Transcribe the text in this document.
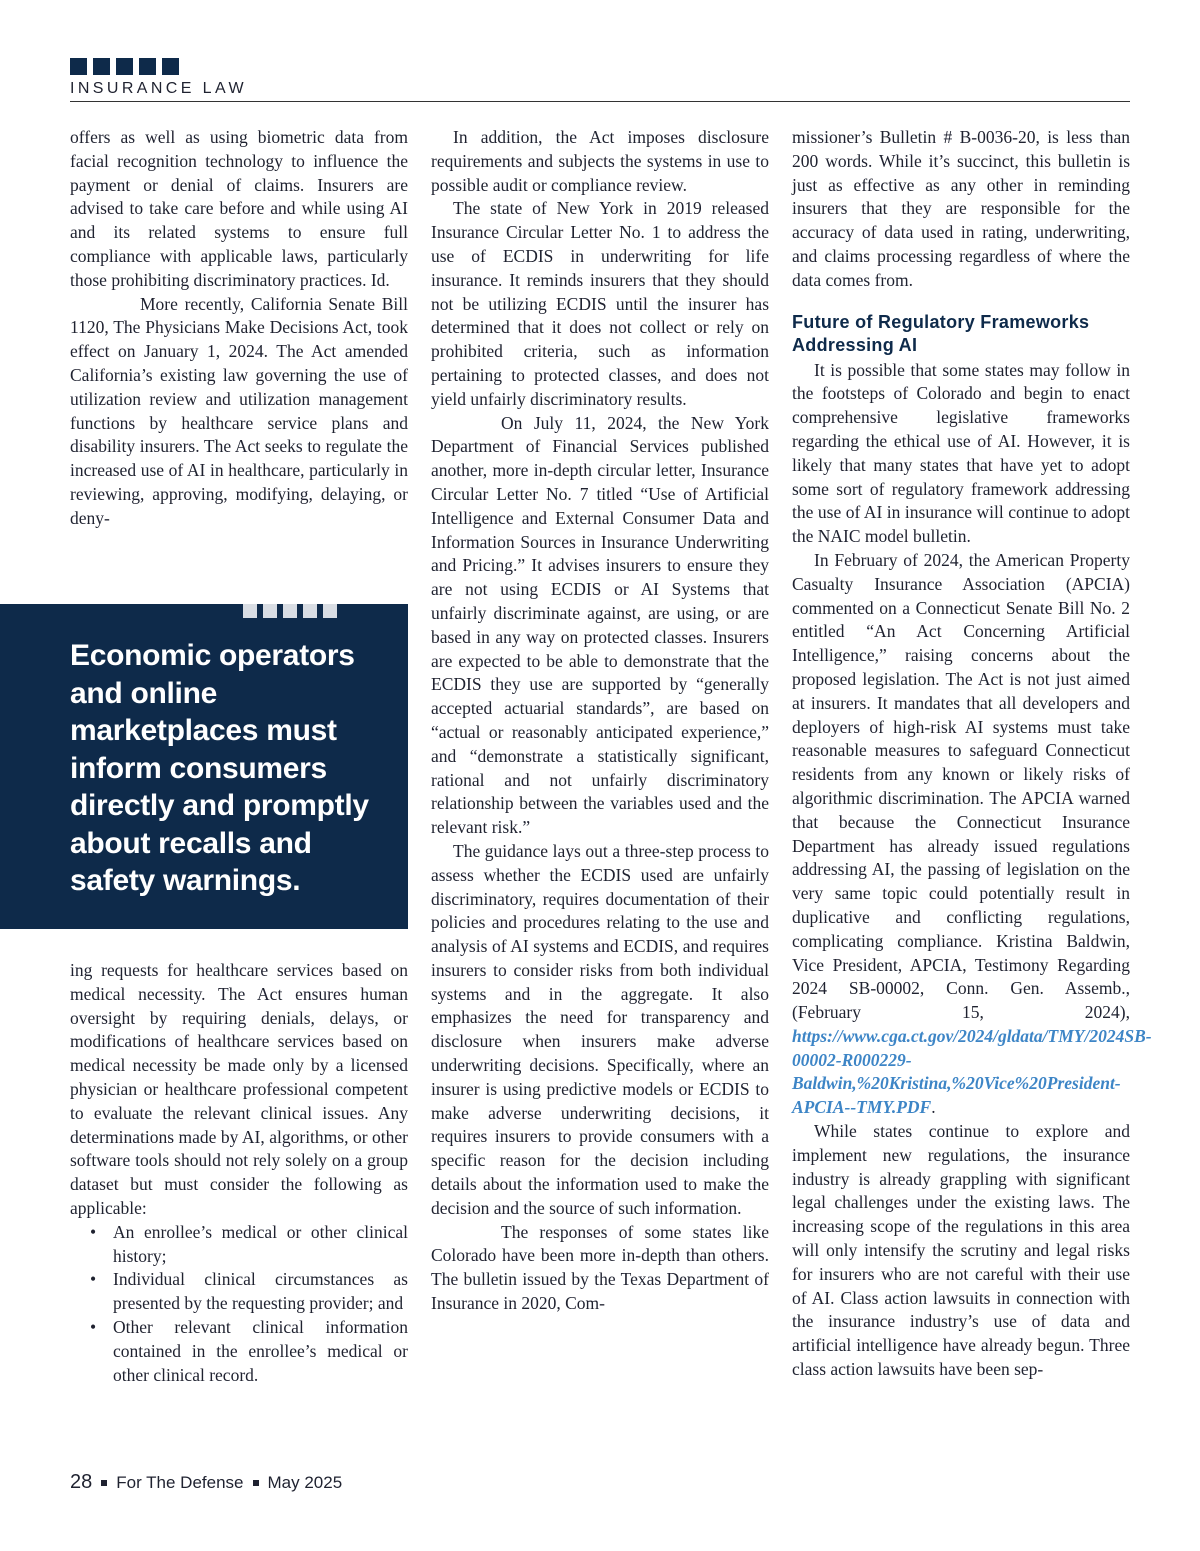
INSURANCE LAW

offers as well as using biometric data from facial recognition technology to influence the payment or denial of claims. Insurers are advised to take care before and while using AI and its related systems to ensure full compliance with applicable laws, particularly those prohibiting discriminatory practices. Id.

More recently, California Senate Bill 1120, The Physicians Make Decisions Act, took effect on January 1, 2024. The Act amended California’s existing law governing the use of utilization review and utilization management functions by healthcare service plans and disability insurers. The Act seeks to regulate the increased use of AI in healthcare, particularly in reviewing, approving, modifying, delaying, or deny-

Economic operators and online marketplaces must inform consumers directly and promptly about recalls and safety warnings.

ing requests for healthcare services based on medical necessity. The Act ensures human oversight by requiring denials, delays, or modifications of healthcare services based on medical necessity be made only by a licensed physician or healthcare professional competent to evaluate the relevant clinical issues. Any determinations made by AI, algorithms, or other software tools should not rely solely on a group dataset but must consider the following as applicable:

• An enrollee’s medical or other clinical history;
• Individual clinical circumstances as presented by the requesting provider; and
• Other relevant clinical information contained in the enrollee’s medical or other clinical record.

In addition, the Act imposes disclosure requirements and subjects the systems in use to possible audit or compliance review.

The state of New York in 2019 released Insurance Circular Letter No. 1 to address the use of ECDIS in underwriting for life insurance. It reminds insurers that they should not be utilizing ECDIS until the insurer has determined that it does not collect or rely on prohibited criteria, such as information pertaining to protected classes, and does not yield unfairly discriminatory results.

On July 11, 2024, the New York Department of Financial Services published another, more in-depth circular letter, Insurance Circular Letter No. 7 titled “Use of Artificial Intelligence and External Consumer Data and Information Sources in Insurance Underwriting and Pricing.” It advises insurers to ensure they are not using ECDIS or AI Systems that unfairly discriminate against, are using, or are based in any way on protected classes. Insurers are expected to be able to demonstrate that the ECDIS they use are supported by “generally accepted actuarial standards”, are based on “actual or reasonably anticipated experience,” and “demonstrate a statistically significant, rational and not unfairly discriminatory relationship between the variables used and the relevant risk.”

The guidance lays out a three-step process to assess whether the ECDIS used are unfairly discriminatory, requires documentation of their policies and procedures relating to the use and analysis of AI systems and ECDIS, and requires insurers to consider risks from both individual systems and in the aggregate. It also emphasizes the need for transparency and disclosure when insurers make adverse underwriting decisions. Specifically, where an insurer is using predictive models or ECDIS to make adverse underwriting decisions, it requires insurers to provide consumers with a specific reason for the decision including details about the information used to make the decision and the source of such information.

The responses of some states like Colorado have been more in-depth than others. The bulletin issued by the Texas Department of Insurance in 2020, Com-

missioner’s Bulletin # B-0036-20, is less than 200 words. While it’s succinct, this bulletin is just as effective as any other in reminding insurers that they are responsible for the accuracy of data used in rating, underwriting, and claims processing regardless of where the data comes from.

Future of Regulatory Frameworks Addressing AI

It is possible that some states may follow in the footsteps of Colorado and begin to enact comprehensive legislative frameworks regarding the ethical use of AI. However, it is likely that many states that have yet to adopt some sort of regulatory framework addressing the use of AI in insurance will continue to adopt the NAIC model bulletin.

In February of 2024, the American Property Casualty Insurance Association (APCIA) commented on a Connecticut Senate Bill No. 2 entitled “An Act Concerning Artificial Intelligence,” raising concerns about the proposed legislation. The Act is not just aimed at insurers. It mandates that all developers and deployers of high-risk AI systems must take reasonable measures to safeguard Connecticut residents from any known or likely risks of algorithmic discrimination. The APCIA warned that because the Connecticut Insurance Department has already issued regulations addressing AI, the passing of legislation on the very same topic could potentially result in duplicative and conflicting regulations, complicating compliance. Kristina Baldwin, Vice President, APCIA, Testimony Regarding 2024 SB-00002, Conn. Gen. Assemb., (February 15, 2024), https://www.cga.ct.gov/2024/gldata/TMY/2024SB-00002-R000229-Baldwin,%20Kristina,%20Vice%20President-APCIA--TMY.PDF.

While states continue to explore and implement new regulations, the insurance industry is already grappling with significant legal challenges under the existing laws. The increasing scope of the regulations in this area will only intensify the scrutiny and legal risks for insurers who are not careful with their use of AI. Class action lawsuits in connection with the insurance industry’s use of data and artificial intelligence have already begun. Three class action lawsuits have been sep-

28 For The Defense May 2025
